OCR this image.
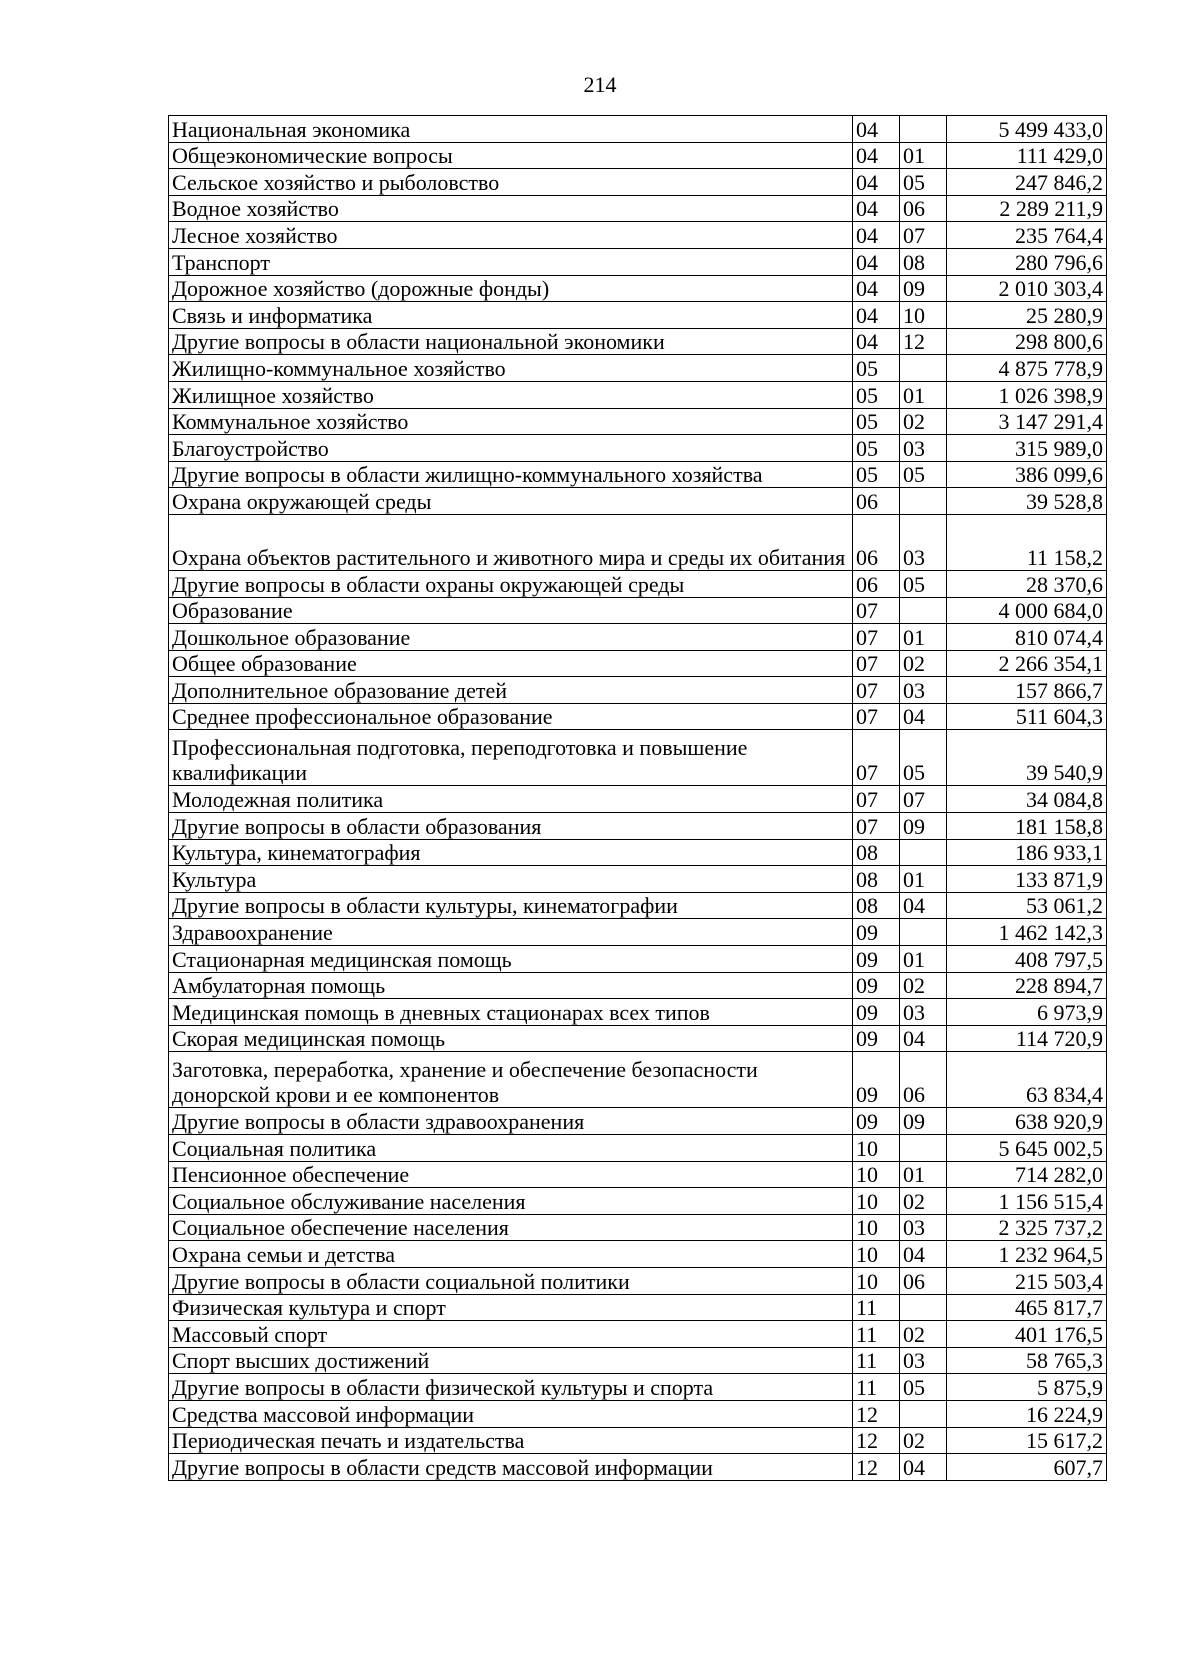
214
Национальная экономика	04		5 499 433,0
Общеэкономические вопросы	04	01	111 429,0
Сельское хозяйство и рыболовство	04	05	247 846,2
Водное хозяйство	04	06	2 289 211,9
Лесное хозяйство	04	07	235 764,4
Транспорт	04	08	280 796,6
Дорожное хозяйство (дорожные фонды)	04	09	2 010 303,4
Связь и информатика	04	10	25 280,9
Другие вопросы в области национальной экономики	04	12	298 800,6
Жилищно-коммунальное хозяйство	05		4 875 778,9
Жилищное хозяйство	05	01	1 026 398,9
Коммунальное хозяйство	05	02	3 147 291,4
Благоустройство	05	03	315 989,0
Другие вопросы в области жилищно-коммунального хозяйства	05	05	386 099,6
Охрана окружающей среды	06		39 528,8
Охрана объектов растительного и животного мира и среды их обитания	06	03	11 158,2
Другие вопросы в области охраны окружающей среды	06	05	28 370,6
Образование	07		4 000 684,0
Дошкольное образование	07	01	810 074,4
Общее образование	07	02	2 266 354,1
Дополнительное образование детей	07	03	157 866,7
Среднее профессиональное образование	07	04	511 604,3
Профессиональная подготовка, переподготовка и повышение квалификации	07	05	39 540,9
Молодежная политика	07	07	34 084,8
Другие вопросы в области образования	07	09	181 158,8
Культура, кинематография	08		186 933,1
Культура	08	01	133 871,9
Другие вопросы в области культуры, кинематографии	08	04	53 061,2
Здравоохранение	09		1 462 142,3
Стационарная медицинская помощь	09	01	408 797,5
Амбулаторная помощь	09	02	228 894,7
Медицинская помощь в дневных стационарах всех типов	09	03	6 973,9
Скорая медицинская помощь	09	04	114 720,9
Заготовка, переработка, хранение и обеспечение безопасности донорской крови и ее компонентов	09	06	63 834,4
Другие вопросы в области здравоохранения	09	09	638 920,9
Социальная политика	10		5 645 002,5
Пенсионное обеспечение	10	01	714 282,0
Социальное обслуживание населения	10	02	1 156 515,4
Социальное обеспечение населения	10	03	2 325 737,2
Охрана семьи и детства	10	04	1 232 964,5
Другие вопросы в области социальной политики	10	06	215 503,4
Физическая культура и спорт	11		465 817,7
Массовый спорт	11	02	401 176,5
Спорт высших достижений	11	03	58 765,3
Другие вопросы в области физической культуры и спорта	11	05	5 875,9
Средства массовой информации	12		16 224,9
Периодическая печать и издательства	12	02	15 617,2
Другие вопросы в области средств массовой информации	12	04	607,7
